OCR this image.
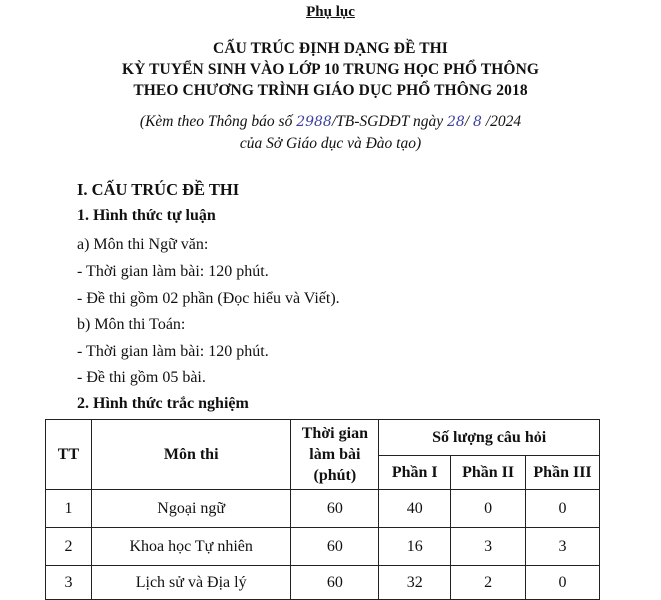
Phụ lục
CẤU TRÚC ĐỊNH DẠNG ĐỀ THI
KỲ TUYỂN SINH VÀO LỚP 10 TRUNG HỌC PHỔ THÔNG
THEO CHƯƠNG TRÌNH GIÁO DỤC PHỔ THÔNG 2018
(Kèm theo Thông báo số 2988/TB-SGDĐT ngày 28/ 8 /2024
của Sở Giáo dục và Đào tạo)
I. CẤU TRÚC ĐỀ THI
1. Hình thức tự luận
a) Môn thi Ngữ văn:
- Thời gian làm bài: 120 phút.
- Đề thi gồm 02 phần (Đọc hiểu và Viết).
b) Môn thi Toán:
- Thời gian làm bài: 120 phút.
- Đề thi gồm 05 bài.
2. Hình thức trắc nghiệm
TT	Môn thi	Thời gian làm bài (phút)	Số lượng câu hỏi		
			Phần I	Phần II	Phần III
1	Ngoại ngữ	60	40	0	0
2	Khoa học Tự nhiên	60	16	3	3
3	Lịch sử và Địa lý	60	32	2	0
